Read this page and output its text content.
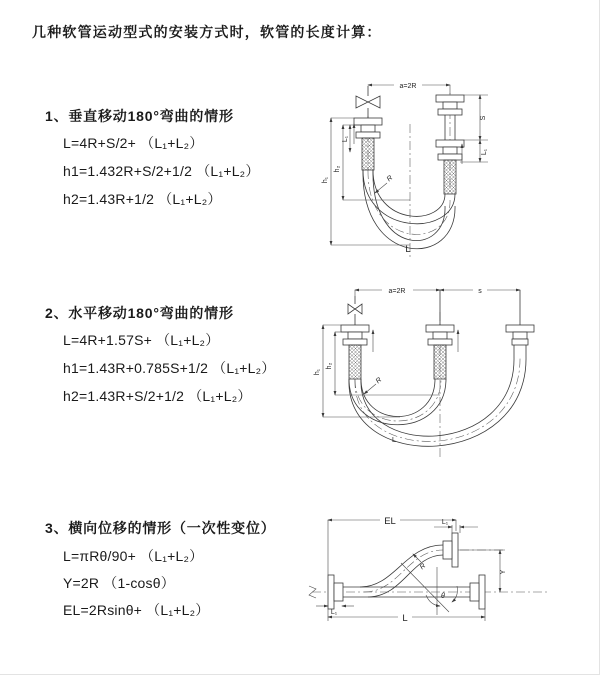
几种软管运动型式的安装方式时，软管的长度计算：
1、垂直移动180°弯曲的情形
L=4R+S/2+ （L₁+L₂）
h1=1.432R+S/2+1/2 （L₁+L₂）
h2=1.43R+1/2 （L₁+L₂）
2、水平移动180°弯曲的情形
L=4R+1.57S+ （L₁+L₂）
h1=1.43R+0.785S+1/2 （L₁+L₂）
h2=1.43R+S/2+1/2 （L₁+L₂）
3、横向位移的情形（一次性变位）
L=πRθ/90+ （L₁+L₂）
Y=2R （1-cosθ）
EL=2Rsinθ+ （L₁+L₂）
a=2R
h₁
h₂
L₁
S
L₁
R
L
a=2R	s
h₁
h₂
R
L
θ
EL	L₁
Y
R
L
L₁
